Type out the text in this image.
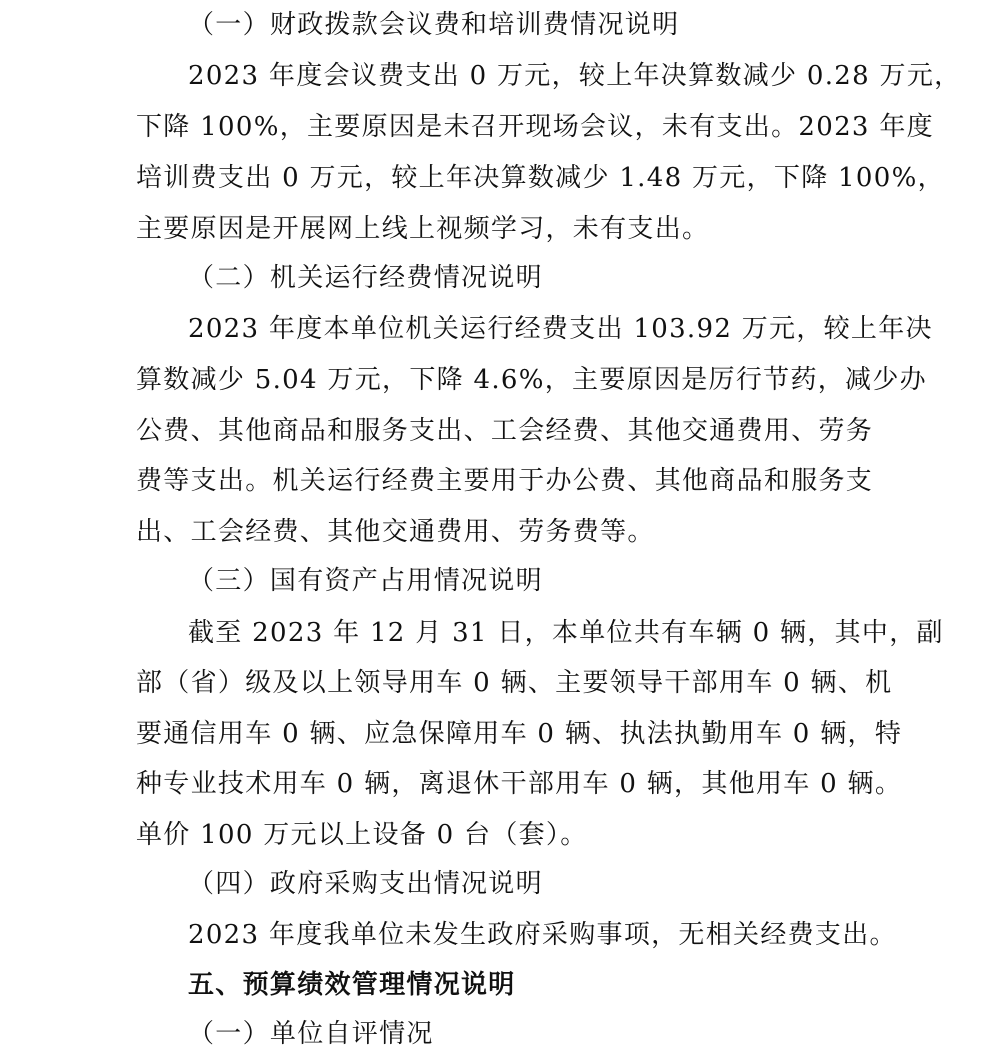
（一）财政拨款会议费和培训费情况说明
2023 年度会议费支出 0 万元，较上年决算数减少 0.28 万元，
下降 100%，主要原因是未召开现场会议，未有支出。2023 年度
培训费支出 0 万元，较上年决算数减少 1.48 万元，下降 100%，
主要原因是开展网上线上视频学习，未有支出。
（二）机关运行经费情况说明
2023 年度本单位机关运行经费支出 103.92 万元，较上年决
算数减少 5.04 万元，下降 4.6%，主要原因是厉行节药，减少办
公费、其他商品和服务支出、工会经费、其他交通费用、劳务
费等支出。机关运行经费主要用于办公费、其他商品和服务支
出、工会经费、其他交通费用、劳务费等。
（三）国有资产占用情况说明
截至 2023 年 12 月 31 日，本单位共有车辆 0 辆，其中，副
部（省）级及以上领导用车 0 辆、主要领导干部用车 0 辆、机
要通信用车 0 辆、应急保障用车 0 辆、执法执勤用车 0 辆，特
种专业技术用车 0 辆，离退休干部用车 0 辆，其他用车 0 辆。
单价 100 万元以上设备 0 台（套）。
（四）政府采购支出情况说明
2023 年度我单位未发生政府采购事项，无相关经费支出。
五、预算绩效管理情况说明
（一）单位自评情况
